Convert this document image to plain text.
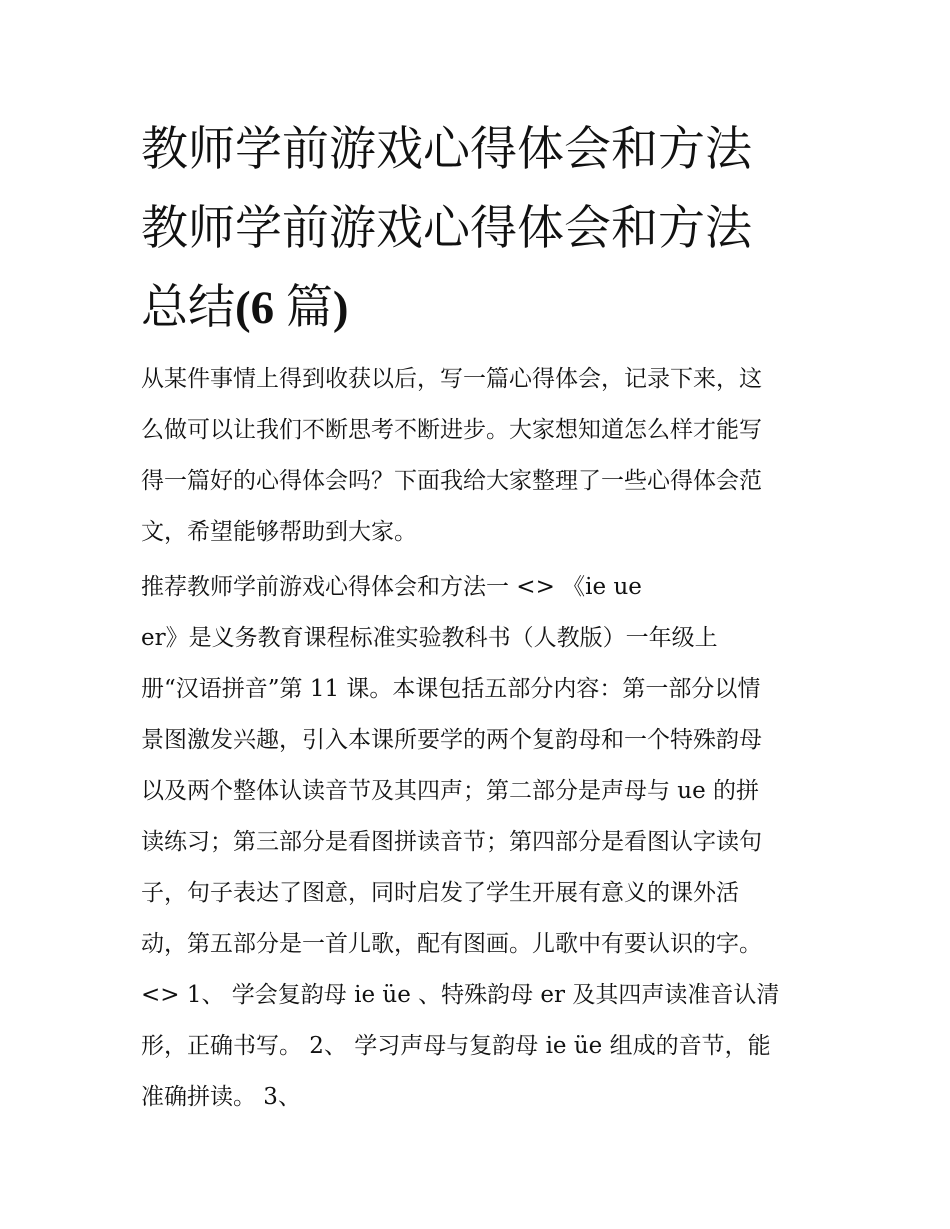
教师学前游戏心得体会和方法
教师学前游戏心得体会和方法
总结(6 篇)

从某件事情上得到收获以后，写一篇心得体会，记录下来，这
么做可以让我们不断思考不断进步。大家想知道怎么样才能写
得一篇好的心得体会吗？下面我给大家整理了一些心得体会范
文，希望能够帮助到大家。

推荐教师学前游戏心得体会和方法一 <> 《ie ue
er》是义务教育课程标准实验教科书（人教版）一年级上
册“汉语拼音”第 11 课。本课包括五部分内容：第一部分以情
景图激发兴趣，引入本课所要学的两个复韵母和一个特殊韵母
以及两个整体认读音节及其四声；第二部分是声母与 ue 的拼
读练习；第三部分是看图拼读音节；第四部分是看图认字读句
子，句子表达了图意，同时启发了学生开展有意义的课外活
动，第五部分是一首儿歌，配有图画。儿歌中有要认识的字。
<> 1、 学会复韵母 ie üe 、特殊韵母 er 及其四声读准音认清
形，正确书写。 2、 学习声母与复韵母 ie üe 组成的音节，能
准确拼读。 3、
